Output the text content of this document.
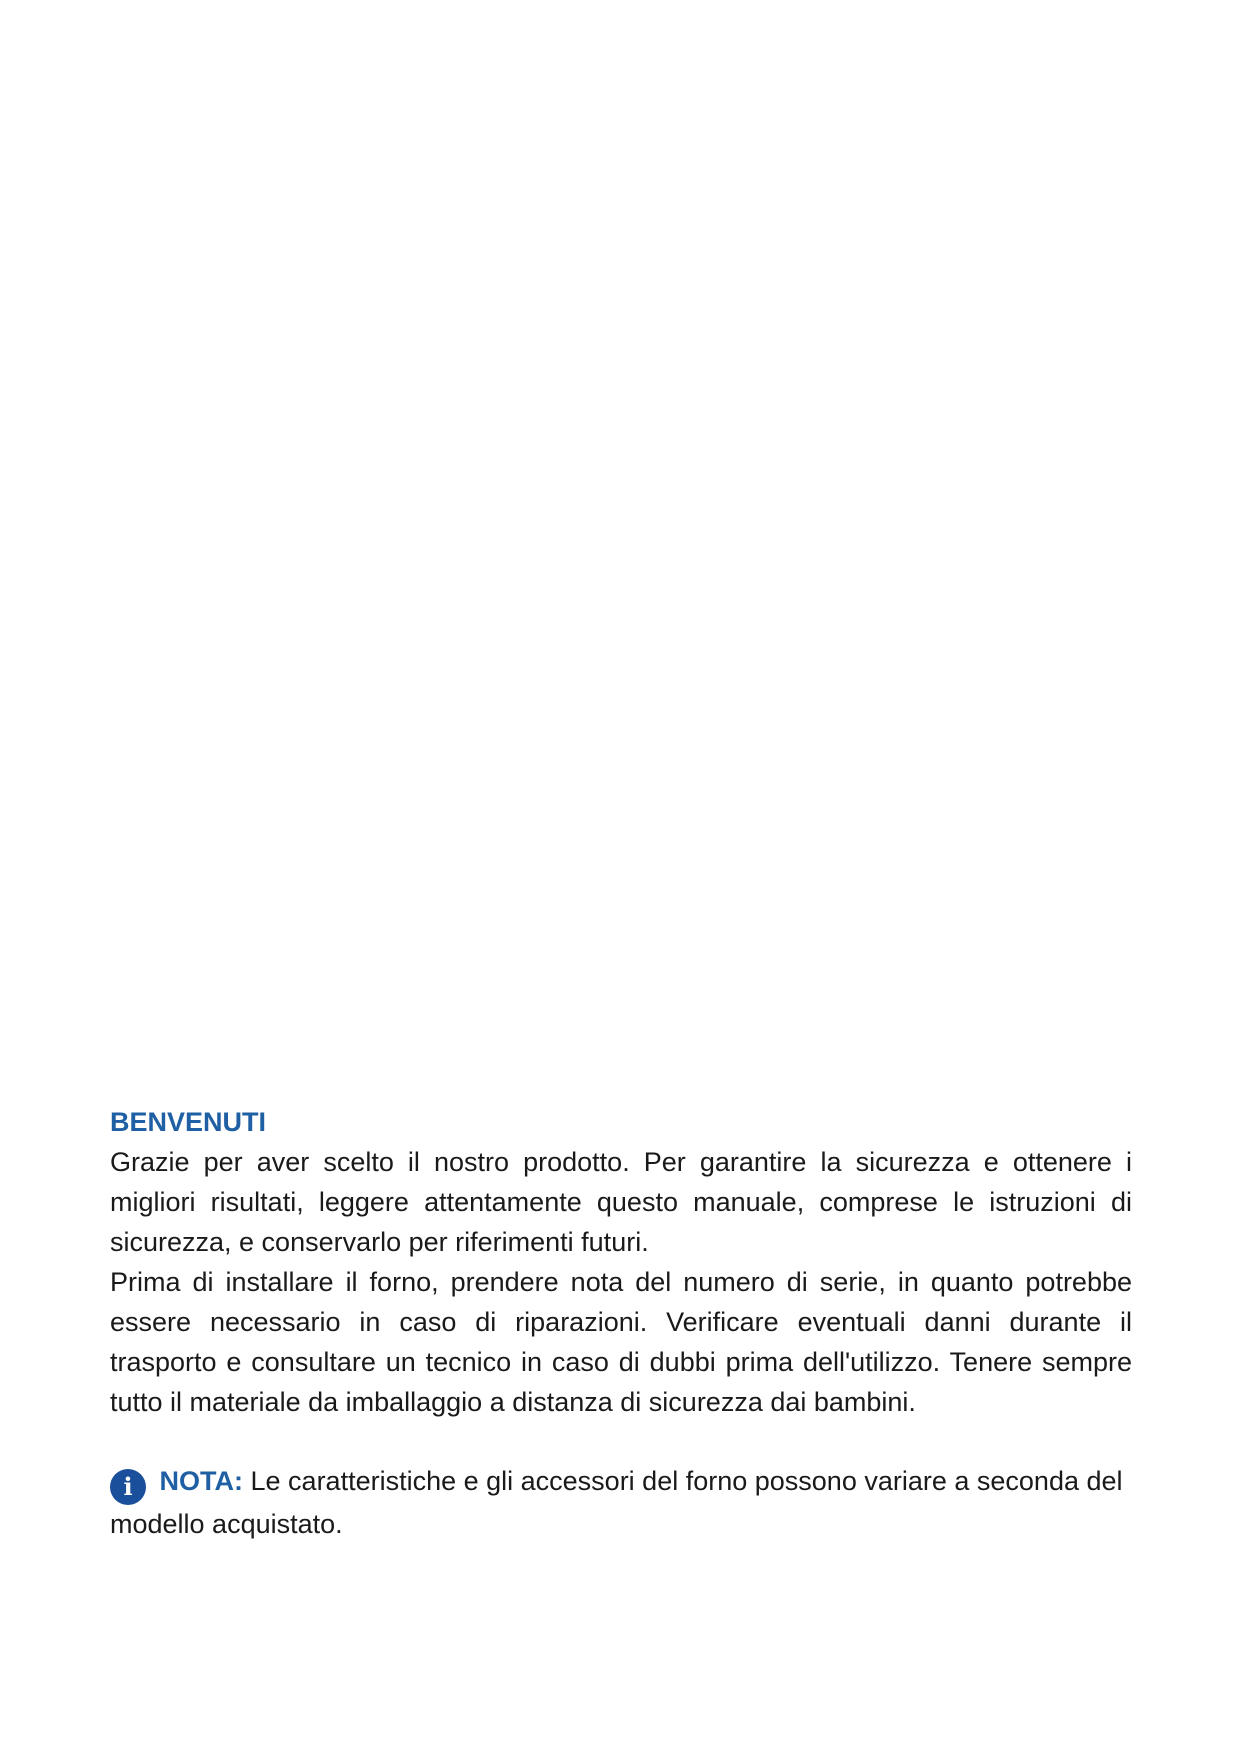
BENVENUTI

Grazie per aver scelto il nostro prodotto. Per garantire la sicurezza e ottenere i migliori risultati, leggere attentamente questo manuale, comprese le istruzioni di sicurezza, e conservarlo per riferimenti futuri.

Prima di installare il forno, prendere nota del numero di serie, in quanto potrebbe essere necessario in caso di riparazioni. Verificare eventuali danni durante il trasporto e consultare un tecnico in caso di dubbi prima dell'utilizzo. Tenere sempre tutto il materiale da imballaggio a distanza di sicurezza dai bambini.

i NOTA: Le caratteristiche e gli accessori del forno possono variare a seconda del modello acquistato.
